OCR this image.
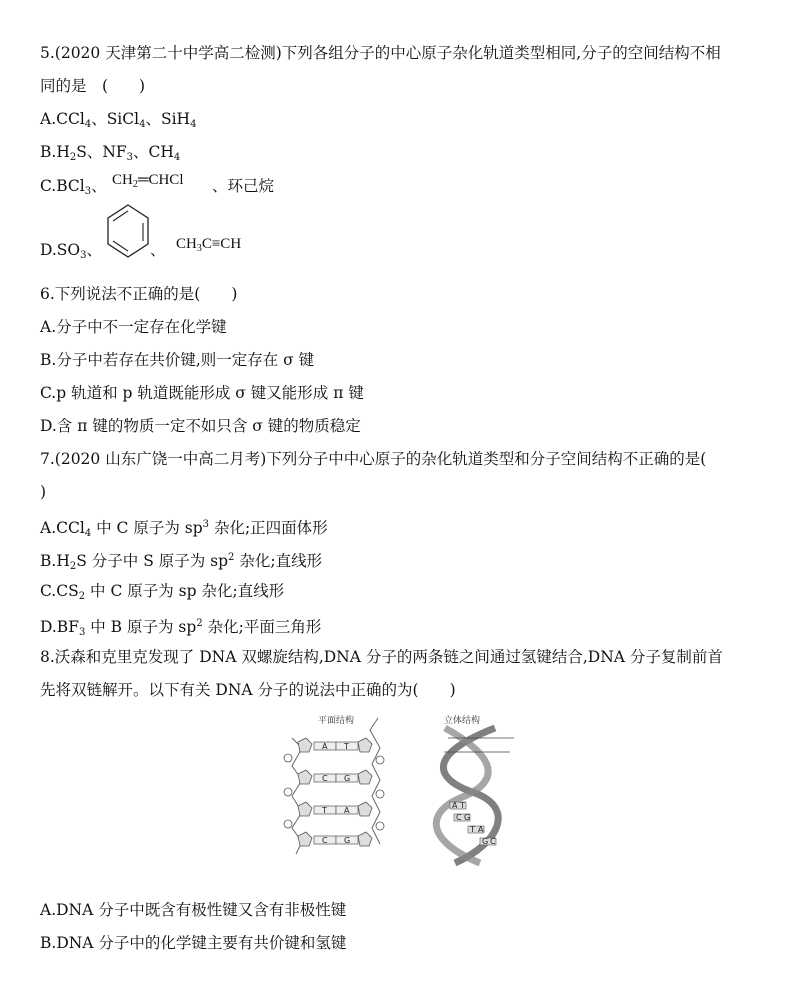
5.(2020 天津第二十中学高二检测)下列各组分子的中心原子杂化轨道类型相同,分子的空间结构不相
同的是　(　　)
A.CCl$_4$、SiCl$_4$、SiH$_4$
$B.H_2S$、$NF_3$、$CH_4$
C.BCl$_3$、 $CH_2═CHCl$ 、环己烷
$D.SO_3$、	、 $CH_3C\equiv CH$
6.下列说法不正确的是(　　)
A.分子中不一定存在化学键
B.分子中若存在共价键,则一定存在 σ 键
C.p 轨道和 p 轨道既能形成 σ 键又能形成 π 键
D.含 π 键的物质一定不如只含 σ 键的物质稳定
7.(2020 山东广饶一中高二月考)下列分子中中心原子的杂化轨道类型和分子空间结构不正确的是(
)
A.CCl$_4$ 中 C 原子为 $sp^3$ 杂化;正四面体形
$B.H_2S$ 分子中 S 原子为 $sp^2$ 杂化;直线形
$C.CS_2$ 中 C 原子为 sp 杂化;直线形
$D.BF_3$ 中 B 原子为 $sp^2$ 杂化;平面三角形
8.沃森和克里克发现了 DNA 双螺旋结构,DNA 分子的两条链之间通过氢键结合,DNA 分子复制前首
先将双链解开。以下有关 DNA 分子的说法中正确的为(　　)
平面结构
A T
C G
T A
C G
立体结构
A T
C G
T A
G C
A.DNA 分子中既含有极性键又含有非极性键
B.DNA 分子中的化学键主要有共价键和氢键
